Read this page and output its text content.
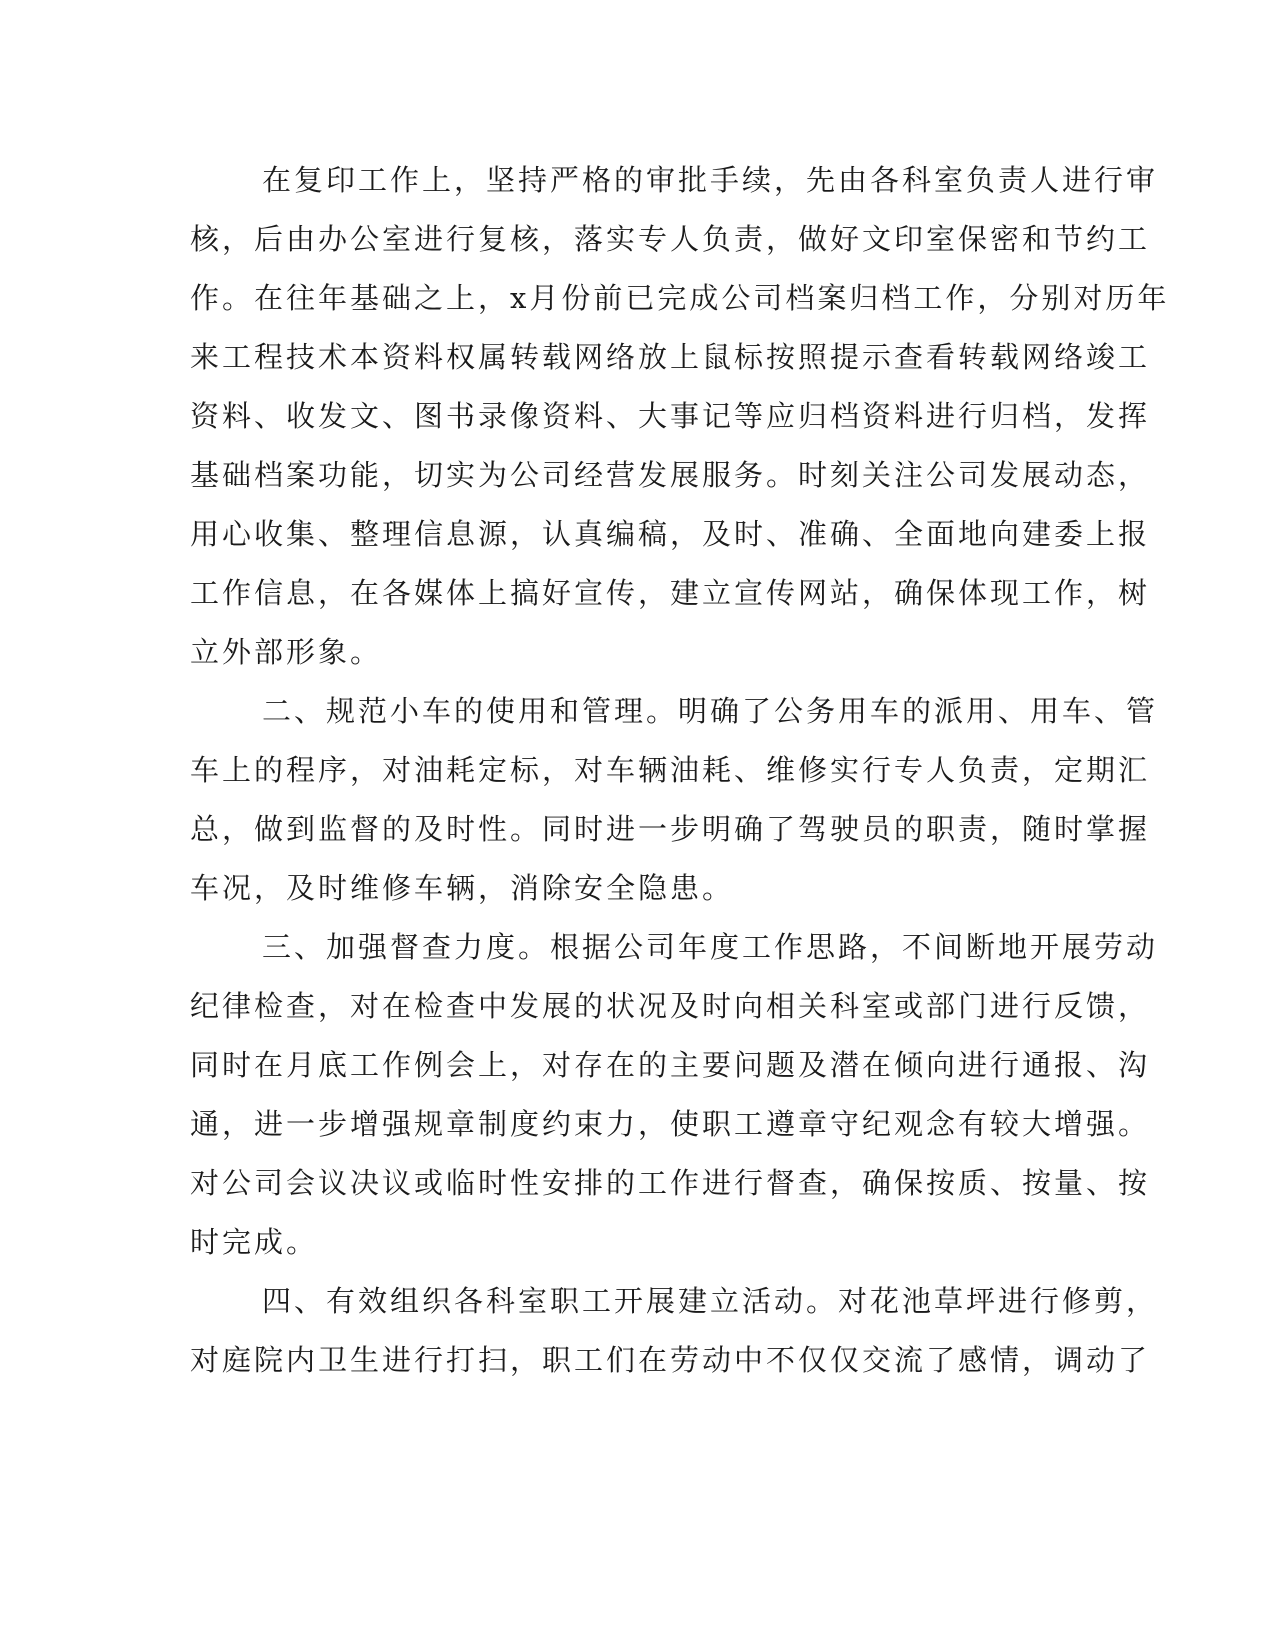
在复印工作上，坚持严格的审批手续，先由各科室负责人进行审
核，后由办公室进行复核，落实专人负责，做好文印室保密和节约工
作。在往年基础之上，x月份前已完成公司档案归档工作，分别对历年
来工程技术本资料权属转载网络放上鼠标按照提示查看转载网络竣工
资料、收发文、图书录像资料、大事记等应归档资料进行归档，发挥
基础档案功能，切实为公司经营发展服务。时刻关注公司发展动态，
用心收集、整理信息源，认真编稿，及时、准确、全面地向建委上报
工作信息，在各媒体上搞好宣传，建立宣传网站，确保体现工作，树
立外部形象。
二、规范小车的使用和管理。明确了公务用车的派用、用车、管
车上的程序，对油耗定标，对车辆油耗、维修实行专人负责，定期汇
总，做到监督的及时性。同时进一步明确了驾驶员的职责，随时掌握
车况，及时维修车辆，消除安全隐患。
三、加强督查力度。根据公司年度工作思路，不间断地开展劳动
纪律检查，对在检查中发展的状况及时向相关科室或部门进行反馈，
同时在月底工作例会上，对存在的主要问题及潜在倾向进行通报、沟
通，进一步增强规章制度约束力，使职工遵章守纪观念有较大增强。
对公司会议决议或临时性安排的工作进行督查，确保按质、按量、按
时完成。
四、有效组织各科室职工开展建立活动。对花池草坪进行修剪，
对庭院内卫生进行打扫，职工们在劳动中不仅仅交流了感情，调动了
